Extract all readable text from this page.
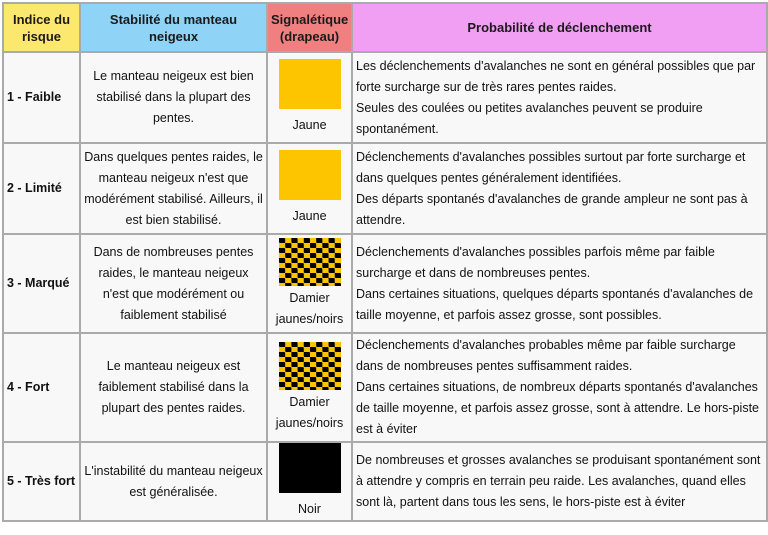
Indice du risque	Stabilité du manteau neigeux	Signalétique (drapeau)	Probabilité de déclenchement
1 - Faible	Le manteau neigeux est bien stabilisé dans la plupart des pentes.	Jaune	Les déclenchements d'avalanches ne sont en général possibles que par forte surcharge sur de très rares pentes raides.
Seules des coulées ou petites avalanches peuvent se produire spontanément.

2 - Limité	Dans quelques pentes raides, le manteau neigeux n'est que modérément stabilisé. Ailleurs, il est bien stabilisé.	Jaune	Déclenchements d'avalanches possibles surtout par forte surcharge et dans quelques pentes généralement identifiées.
Des départs spontanés d'avalanches de grande ampleur ne sont pas à attendre.

3 - Marqué	Dans de nombreuses pentes raides, le manteau neigeux n'est que modérément ou faiblement stabilisé	Damier jaunes/noirs	Déclenchements d'avalanches possibles parfois même par faible surcharge et dans de nombreuses pentes.
Dans certaines situations, quelques départs spontanés d'avalanches de taille moyenne, et parfois assez grosse, sont possibles.

4 - Fort	Le manteau neigeux est faiblement stabilisé dans la plupart des pentes raides.	Damier jaunes/noirs	Déclenchements d'avalanches probables même par faible surcharge dans de nombreuses pentes suffisamment raides.
Dans certaines situations, de nombreux départs spontanés d'avalanches de taille moyenne, et parfois assez grosse, sont à attendre. Le hors-piste est à éviter

5 - Très fort	L'instabilité du manteau neigeux est généralisée.	Noir	De nombreuses et grosses avalanches se produisant spontanément sont à attendre y compris en terrain peu raide. Les avalanches, quand elles sont là, partent dans tous les sens, le hors-piste est à éviter
